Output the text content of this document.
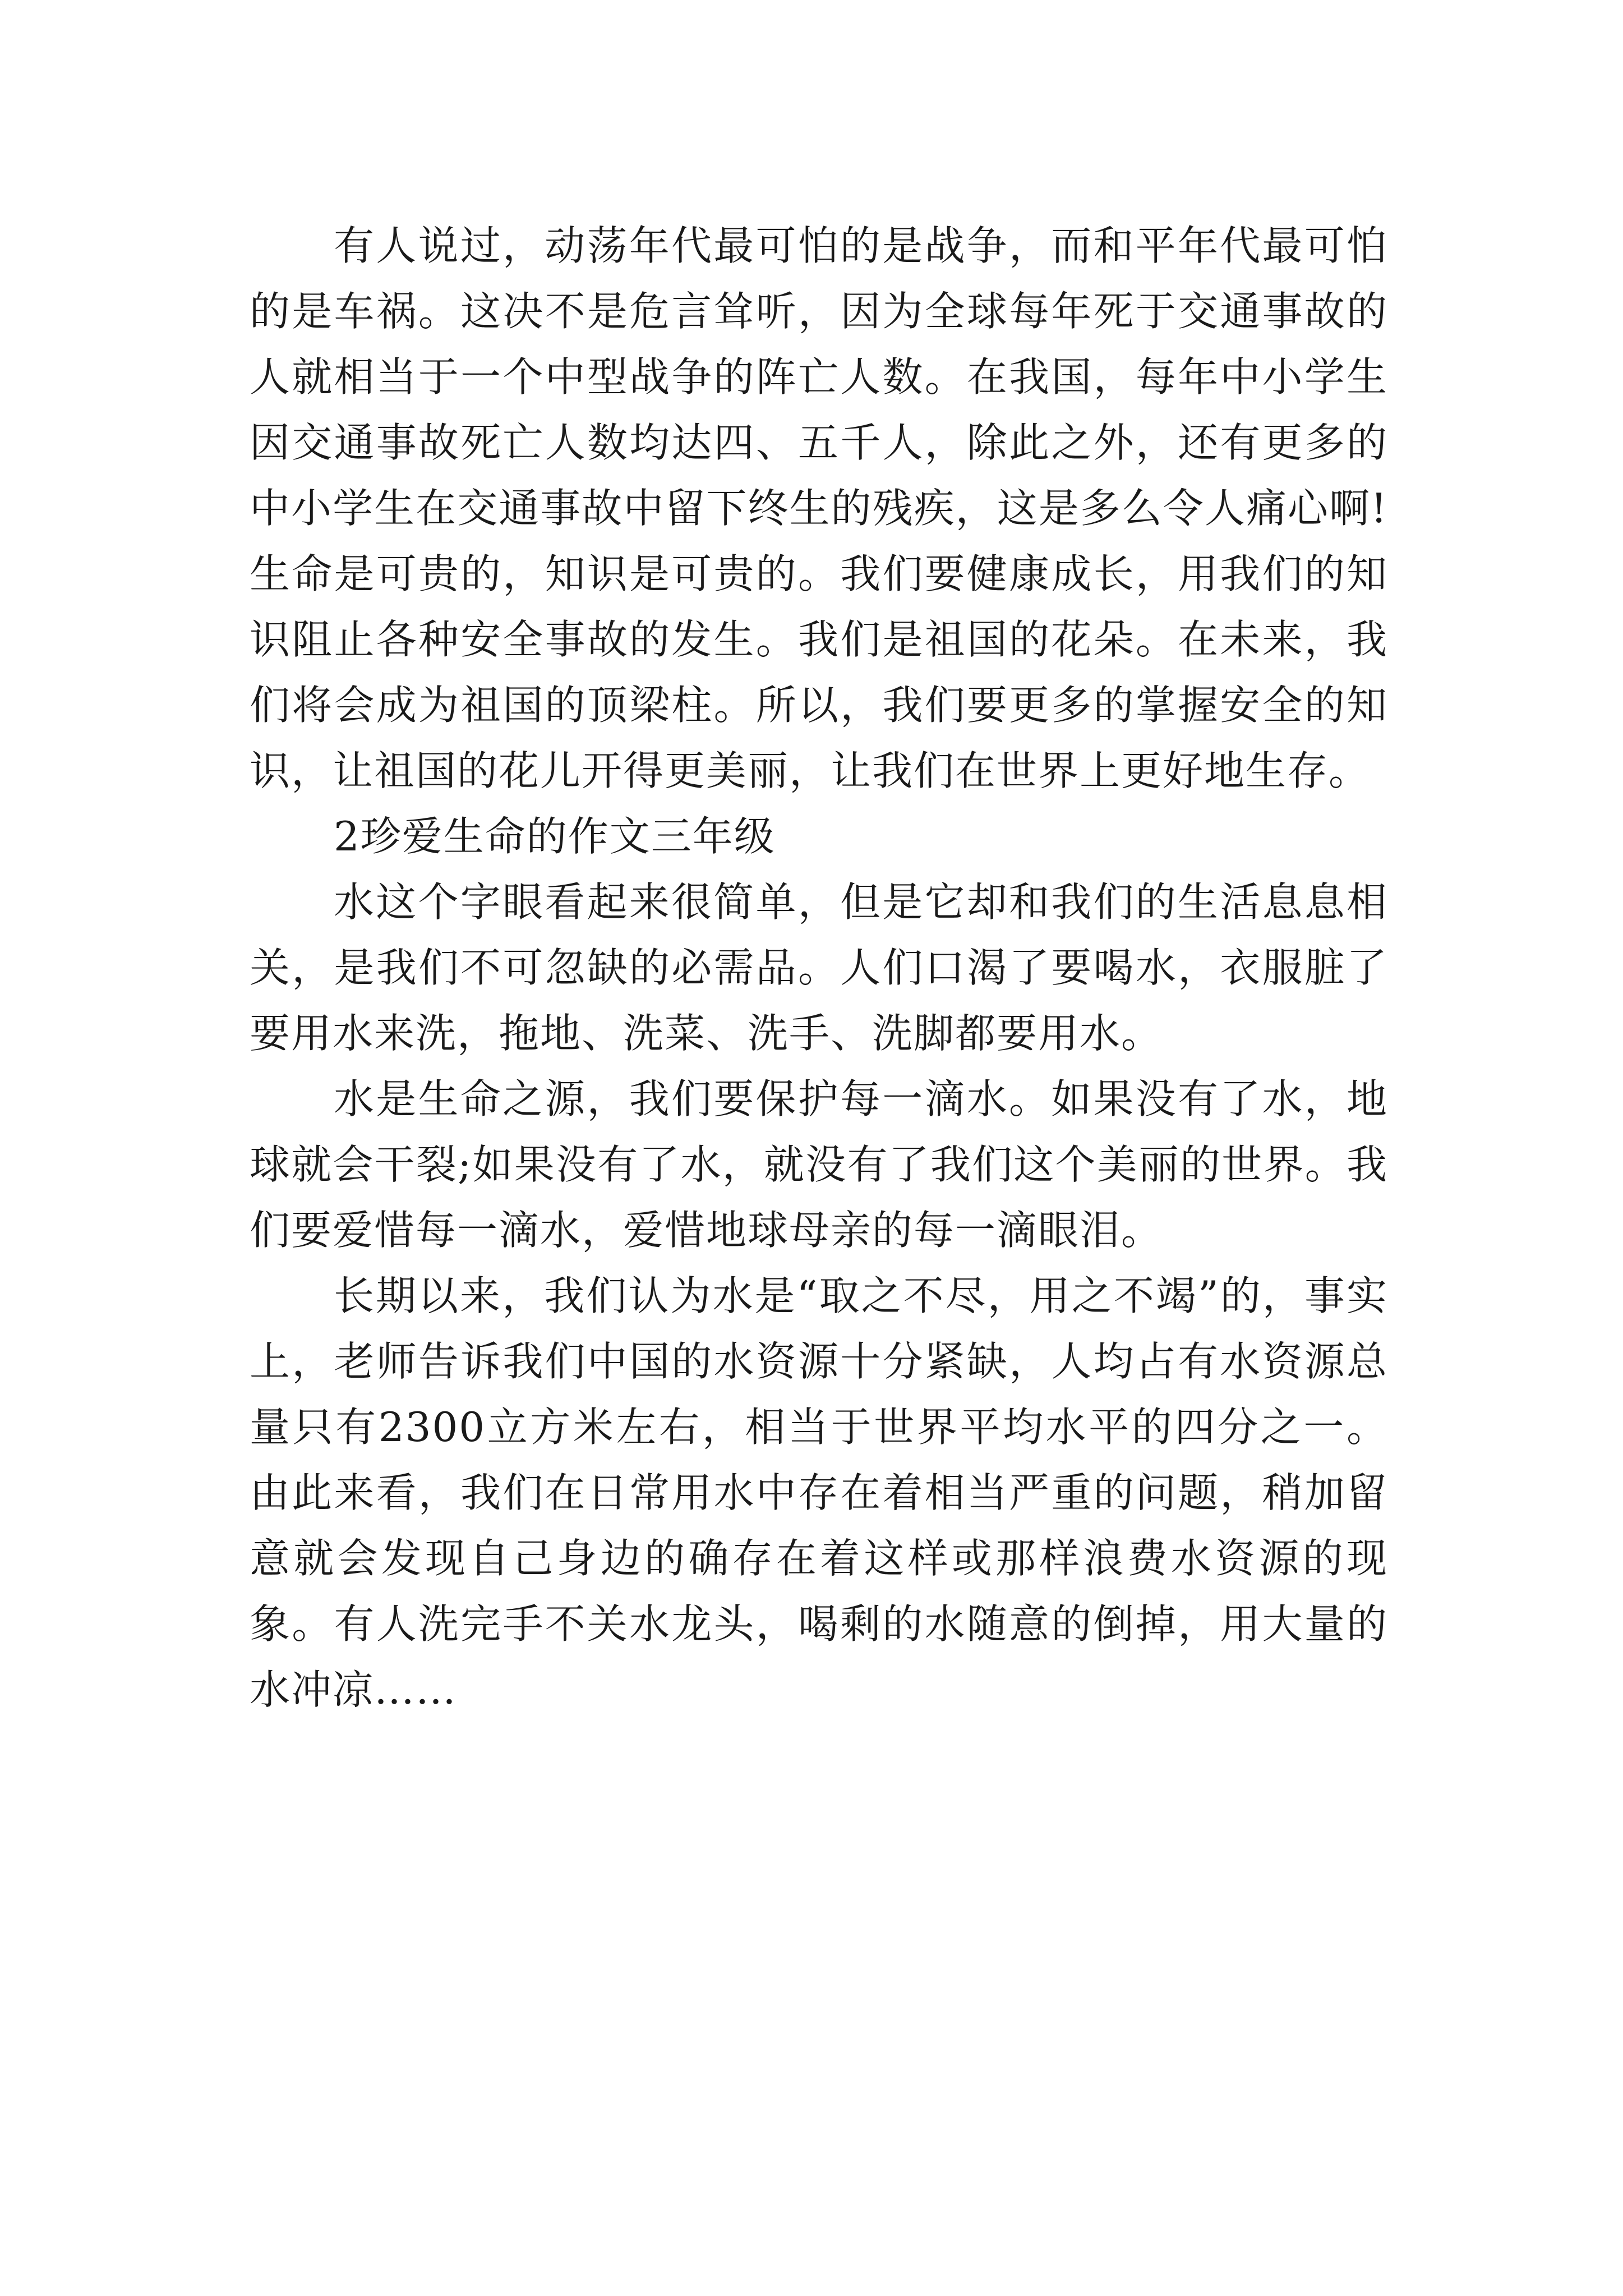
有人说过，动荡年代最可怕的是战争，而和平年代最可怕的是车祸。这决不是危言耸听，因为全球每年死于交通事故的人就相当于一个中型战争的阵亡人数。在我国，每年中小学生因交通事故死亡人数均达四、五千人，除此之外，还有更多的中小学生在交通事故中留下终生的残疾，这是多么令人痛心啊!生命是可贵的，知识是可贵的。我们要健康成长，用我们的知识阻止各种安全事故的发生。我们是祖国的花朵。在未来，我们将会成为祖国的顶梁柱。所以，我们要更多的掌握安全的知识，让祖国的花儿开得更美丽，让我们在世界上更好地生存。

2珍爱生命的作文三年级

水这个字眼看起来很简单，但是它却和我们的生活息息相关，是我们不可忽缺的必需品。人们口渴了要喝水，衣服脏了要用水来洗，拖地、洗菜、洗手、洗脚都要用水。

水是生命之源，我们要保护每一滴水。如果没有了水，地球就会干裂;如果没有了水，就没有了我们这个美丽的世界。我们要爱惜每一滴水，爱惜地球母亲的每一滴眼泪。

长期以来，我们认为水是“取之不尽，用之不竭”的，事实上，老师告诉我们中国的水资源十分紧缺，人均占有水资源总量只有2300立方米左右，相当于世界平均水平的四分之一。由此来看，我们在日常用水中存在着相当严重的问题，稍加留意就会发现自己身边的确存在着这样或那样浪费水资源的现象。有人洗完手不关水龙头，喝剩的水随意的倒掉，用大量的水冲凉……
